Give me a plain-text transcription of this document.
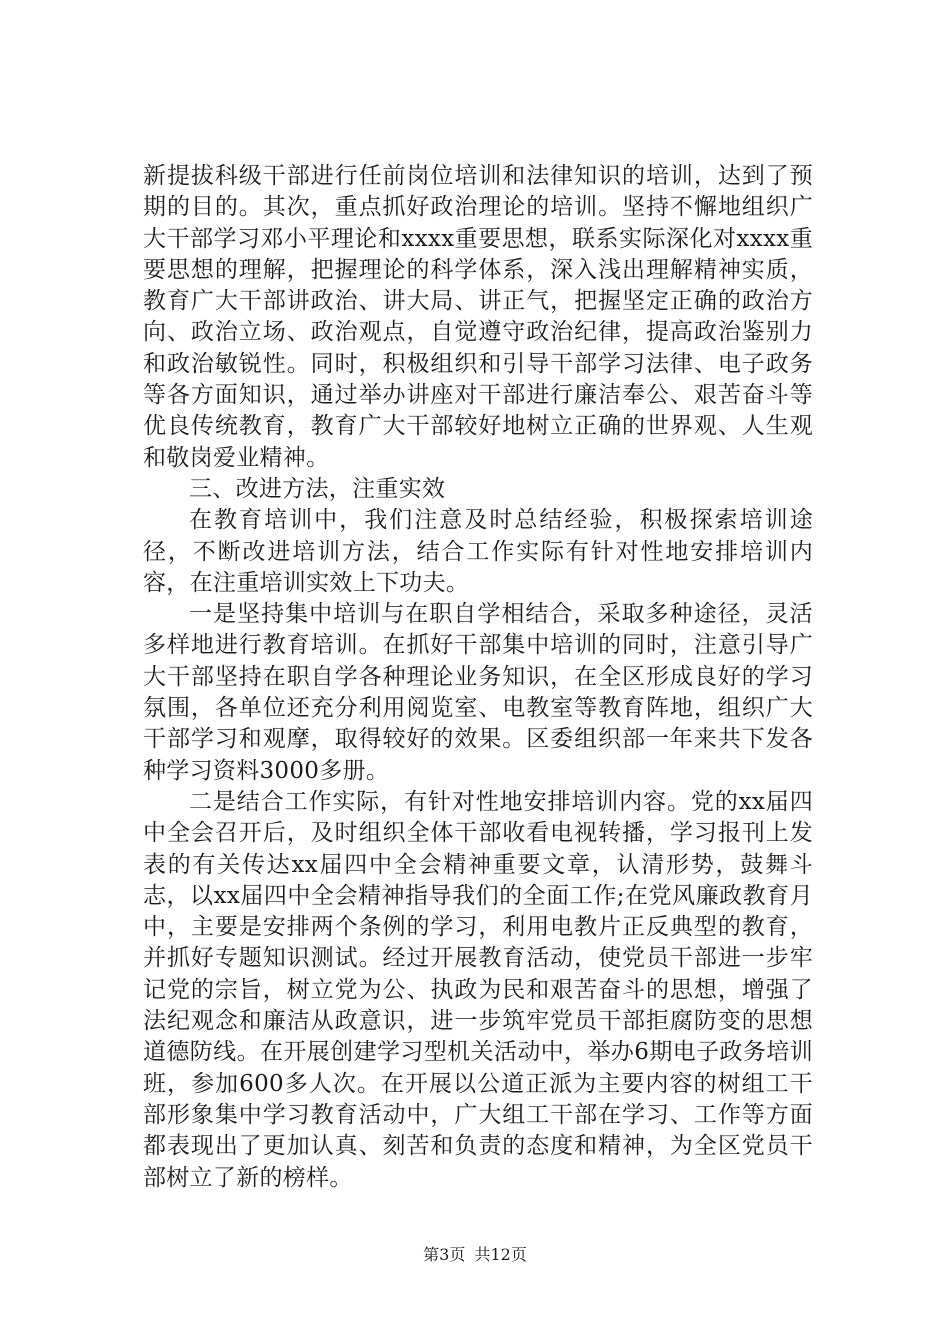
新提拔科级干部进行任前岗位培训和法律知识的培训，达到了预期的目的。其次，重点抓好政治理论的培训。坚持不懈地组织广大干部学习邓小平理论和xxxx重要思想，联系实际深化对xxxx重要思想的理解，把握理论的科学体系，深入浅出理解精神实质，教育广大干部讲政治、讲大局、讲正气，把握坚定正确的政治方向、政治立场、政治观点，自觉遵守政治纪律，提高政治鉴别力和政治敏锐性。同时，积极组织和引导干部学习法律、电子政务等各方面知识，通过举办讲座对干部进行廉洁奉公、艰苦奋斗等优良传统教育，教育广大干部较好地树立正确的世界观、人生观和敬岗爱业精神。

三、改进方法，注重实效

在教育培训中，我们注意及时总结经验，积极探索培训途径，不断改进培训方法，结合工作实际有针对性地安排培训内容，在注重培训实效上下功夫。

一是坚持集中培训与在职自学相结合，采取多种途径，灵活多样地进行教育培训。在抓好干部集中培训的同时，注意引导广大干部坚持在职自学各种理论业务知识，在全区形成良好的学习氛围，各单位还充分利用阅览室、电教室等教育阵地，组织广大干部学习和观摩，取得较好的效果。区委组织部一年来共下发各种学习资料3000多册。

二是结合工作实际，有针对性地安排培训内容。党的xx届四中全会召开后，及时组织全体干部收看电视转播，学习报刊上发表的有关传达xx届四中全会精神重要文章，认清形势，鼓舞斗志，以xx届四中全会精神指导我们的全面工作;在党风廉政教育月中，主要是安排两个条例的学习，利用电教片正反典型的教育，并抓好专题知识测试。经过开展教育活动，使党员干部进一步牢记党的宗旨，树立党为公、执政为民和艰苦奋斗的思想，增强了法纪观念和廉洁从政意识，进一步筑牢党员干部拒腐防变的思想道德防线。在开展创建学习型机关活动中，举办6期电子政务培训班，参加600多人次。在开展以公道正派为主要内容的树组工干部形象集中学习教育活动中，广大组工干部在学习、工作等方面都表现出了更加认真、刻苦和负责的态度和精神，为全区党员干部树立了新的榜样。

第3页 共12页
